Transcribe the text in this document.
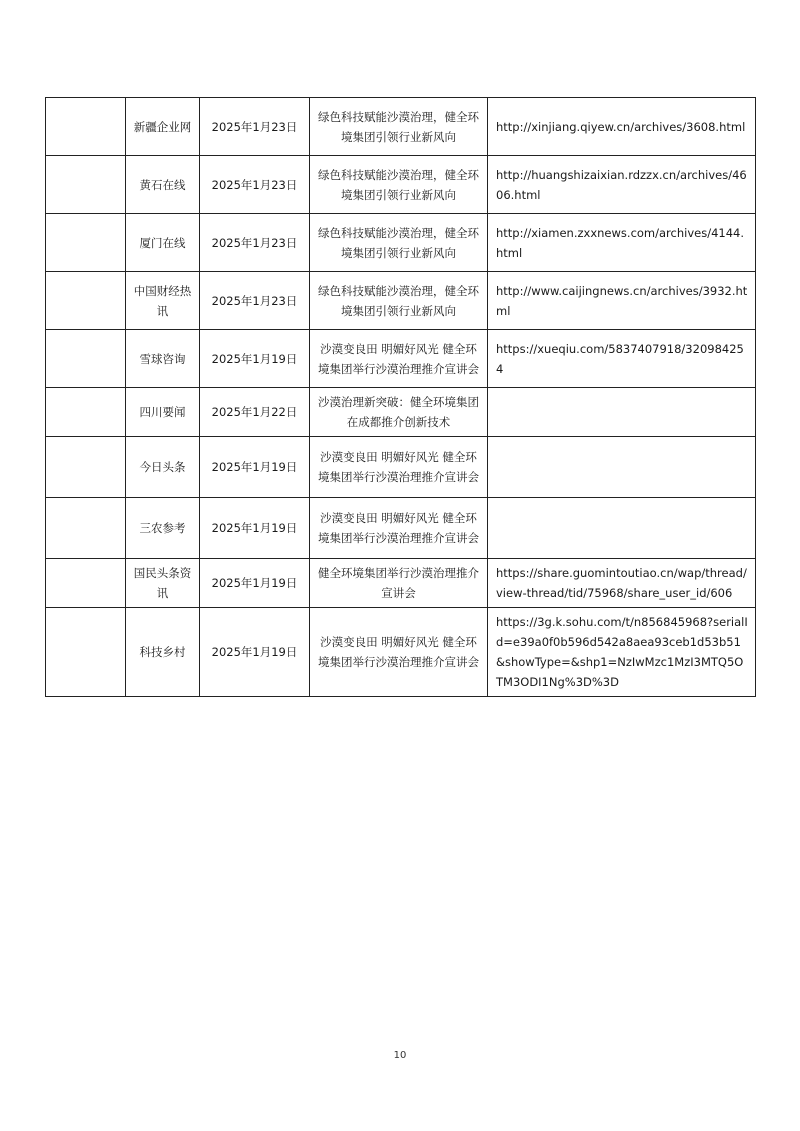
	新疆企业网	2025年1月23日	绿色科技赋能沙漠治理，健全环境集团引领行业新风向	http://xinjiang.qiyew.cn/archives/3608.html
	黄石在线	2025年1月23日	绿色科技赋能沙漠治理，健全环境集团引领行业新风向	http://huangshizaixian.rdzzx.cn/archives/4606.html
	厦门在线	2025年1月23日	绿色科技赋能沙漠治理，健全环境集团引领行业新风向	http://xiamen.zxxnews.com/archives/4144.html
	中国财经热讯	2025年1月23日	绿色科技赋能沙漠治理，健全环境集团引领行业新风向	http://www.caijingnews.cn/archives/3932.html
	雪球咨询	2025年1月19日	沙漠变良田 明媚好风光 健全环境集团举行沙漠治理推介宣讲会	https://xueqiu.com/5837407918/320984254
	四川要闻	2025年1月22日	沙漠治理新突破：健全环境集团在成都推介创新技术	
	今日头条	2025年1月19日	沙漠变良田 明媚好风光 健全环境集团举行沙漠治理推介宣讲会	
	三农参考	2025年1月19日	沙漠变良田 明媚好风光 健全环境集团举行沙漠治理推介宣讲会	
	国民头条资讯	2025年1月19日	健全环境集团举行沙漠治理推介宣讲会	https://share.guomintoutiao.cn/wap/thread/view-thread/tid/75968/share_user_id/606
	科技乡村	2025年1月19日	沙漠变良田 明媚好风光 健全环境集团举行沙漠治理推介宣讲会	https://3g.k.sohu.com/t/n856845968?serialId=e39a0f0b596d542a8aea93ceb1d53b51&showType=&shp1=NzIwMzc1MzI3MTQ5OTM3ODI1Ng%3D%3D
10
